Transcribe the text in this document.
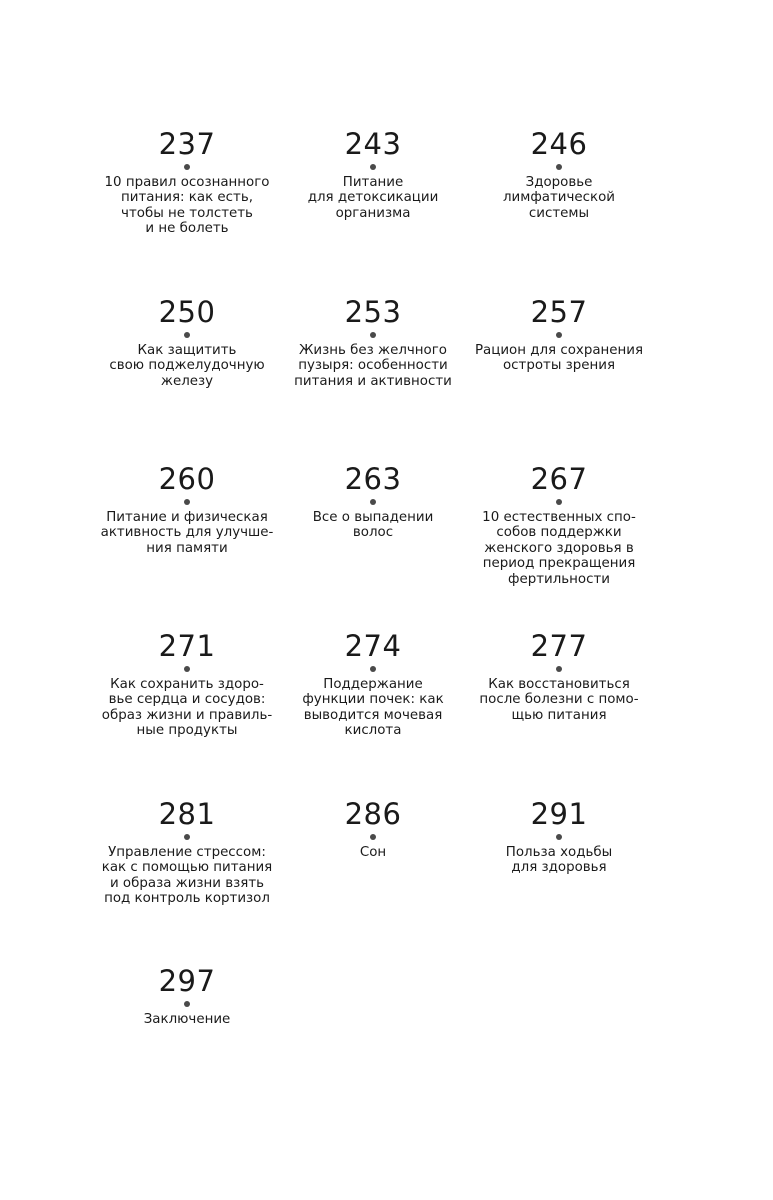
237
10 правил осознанного
питания: как есть,
чтобы не толстеть
и не болеть
243
Питание
для детоксикации
организма
246
Здоровье
лимфатической
системы
250
Как защитить
свою поджелудочную
железу
253
Жизнь без желчного
пузыря: особенности
питания и активности
257
Рацион для сохранения
остроты зрения
260
Питание и физическая
активность для улучше-
ния памяти
263
Все о выпадении
волос
267
10 естественных спо-
собов поддержки
женского здоровья в
период прекращения
фертильности
271
Как сохранить здоро-
вье сердца и сосудов:
образ жизни и правиль-
ные продукты
274
Поддержание
функции почек: как
выводится мочевая
кислота
277
Как восстановиться
после болезни с помо-
щью питания
281
Управление стрессом:
как с помощью питания
и образа жизни взять
под контроль кортизол
286
Сон
291
Польза ходьбы
для здоровья
297
Заключение
